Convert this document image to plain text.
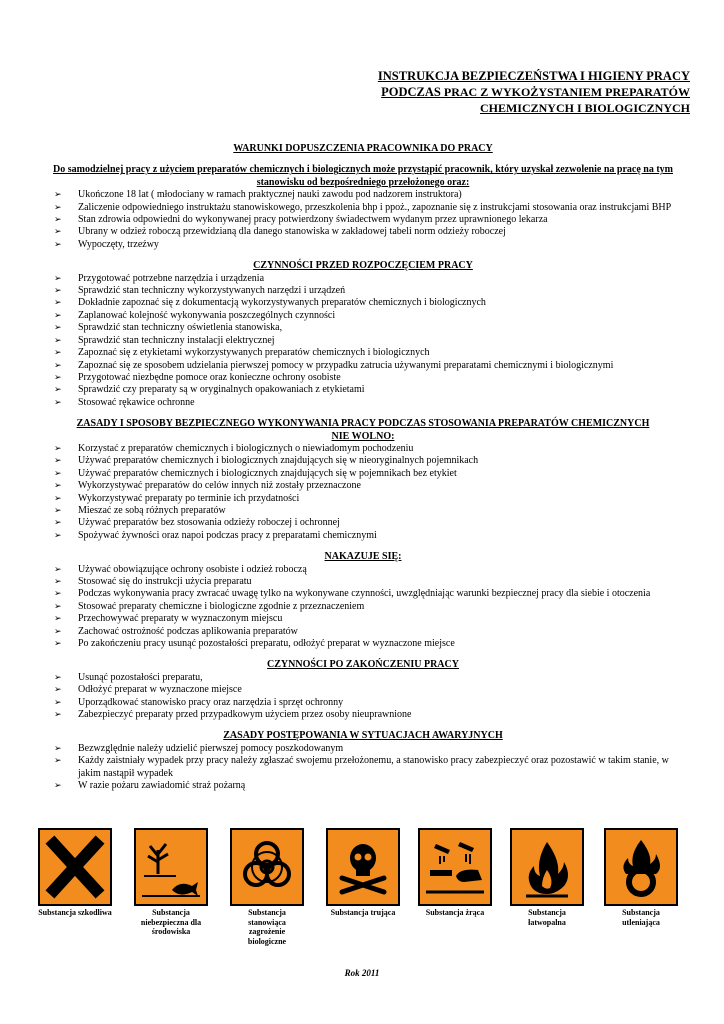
INSTRUKCJA BEZPIECZEŃSTWA I HIGIENY PRACY
PODCZAS PRAC Z WYKOŻYSTANIEM PREPARATÓW
CHEMICZNYCH I BIOLOGICZNYCH

WARUNKI DOPUSZCZENIA PRACOWNIKA DO PRACY

Do samodzielnej pracy z użyciem preparatów chemicznych i biologicznych może przystąpić pracownik, który uzyskał zezwolenie na pracę na tym stanowisku od bezpośredniego przełożonego oraz:

➢ Ukończone 18 lat ( młodociany w ramach praktycznej nauki zawodu pod nadzorem instruktora)
➢ Zaliczenie odpowiedniego instruktażu stanowiskowego, przeszkolenia bhp i ppoż., zapoznanie się z instrukcjami stosowania oraz instrukcjami BHP
➢ Stan zdrowia odpowiedni do wykonywanej pracy potwierdzony świadectwem wydanym przez uprawnionego lekarza
➢ Ubrany w odzież roboczą przewidzianą dla danego stanowiska w zakładowej tabeli norm odzieży roboczej
➢ Wypoczęty, trzeźwy

CZYNNOŚCI PRZED ROZPOCZĘCIEM PRACY

➢ Przygotować potrzebne narzędzia i urządzenia
➢ Sprawdzić stan techniczny wykorzystywanych narzędzi i urządzeń
➢ Dokładnie zapoznać się z dokumentacją wykorzystywanych preparatów chemicznych i biologicznych
➢ Zaplanować kolejność wykonywania poszczególnych czynności
➢ Sprawdzić stan techniczny oświetlenia stanowiska,
➢ Sprawdzić stan techniczny instalacji elektrycznej
➢ Zapoznać się z etykietami wykorzystywanych preparatów chemicznych i biologicznych
➢ Zapoznać się ze sposobem udzielania pierwszej pomocy w przypadku zatrucia używanymi preparatami chemicznymi i biologicznymi
➢ Przygotować niezbędne pomoce oraz konieczne ochrony osobiste
➢ Sprawdzić czy preparaty są w oryginalnych opakowaniach z etykietami
➢ Stosować rękawice ochronne

ZASADY I SPOSOBY BEZPIECZNEGO WYKONYWANIA PRACY PODCZAS STOSOWANIA PREPARATÓW CHEMICZNYCH

NIE WOLNO:

➢ Korzystać z preparatów chemicznych i biologicznych o niewiadomym pochodzeniu
➢ Używać preparatów chemicznych i biologicznych znajdujących się w nieoryginalnych pojemnikach
➢ Używać preparatów chemicznych i biologicznych znajdujących się w pojemnikach bez etykiet
➢ Wykorzystywać preparatów do celów innych niż zostały przeznaczone
➢ Wykorzystywać preparaty po terminie ich przydatności
➢ Mieszać ze sobą różnych preparatów
➢ Używać preparatów bez stosowania odzieży roboczej i ochronnej
➢ Spożywać żywności oraz napoi podczas pracy z preparatami chemicznymi

NAKAZUJE SIĘ:

➢ Używać obowiązujące ochrony osobiste i odzież roboczą
➢ Stosować się do instrukcji użycia preparatu
➢ Podczas wykonywania pracy zwracać uwagę tylko na wykonywane czynności, uwzględniając warunki bezpiecznej pracy dla siebie i otoczenia
➢ Stosować preparaty chemiczne i biologiczne zgodnie z przeznaczeniem
➢ Przechowywać preparaty w wyznaczonym miejscu
➢ Zachować ostrożność podczas aplikowania preparatów
➢ Po zakończeniu pracy usunąć pozostałości preparatu, odłożyć preparat w wyznaczone miejsce

CZYNNOŚCI PO ZAKOŃCZENIU PRACY

➢ Usunąć pozostałości preparatu,
➢ Odłożyć preparat w wyznaczone miejsce
➢ Uporządkować stanowisko pracy oraz narzędzia i sprzęt ochronny
➢ Zabezpieczyć preparaty przed przypadkowym użyciem przez osoby nieuprawnione

ZASADY POSTĘPOWANIA W SYTUACJACH AWARYJNYCH

➢ Bezwzględnie należy udzielić pierwszej pomocy poszkodowanym
➢ Każdy zaistniały wypadek przy pracy należy zgłaszać swojemu przełożonemu, a stanowisko pracy zabezpieczyć oraz pozostawić w takim stanie, w jakim nastąpił wypadek
➢ W razie pożaru zawiadomić straż pożarną
Substancja szkodliwa	Substancja niebezpieczna dla środowiska
Substancja stanowiąca zagrożenie biologiczne
Substancja trująca	Substancja żrąca	Substancja łatwopalna
Substancja utleniająca
Rok 2011
